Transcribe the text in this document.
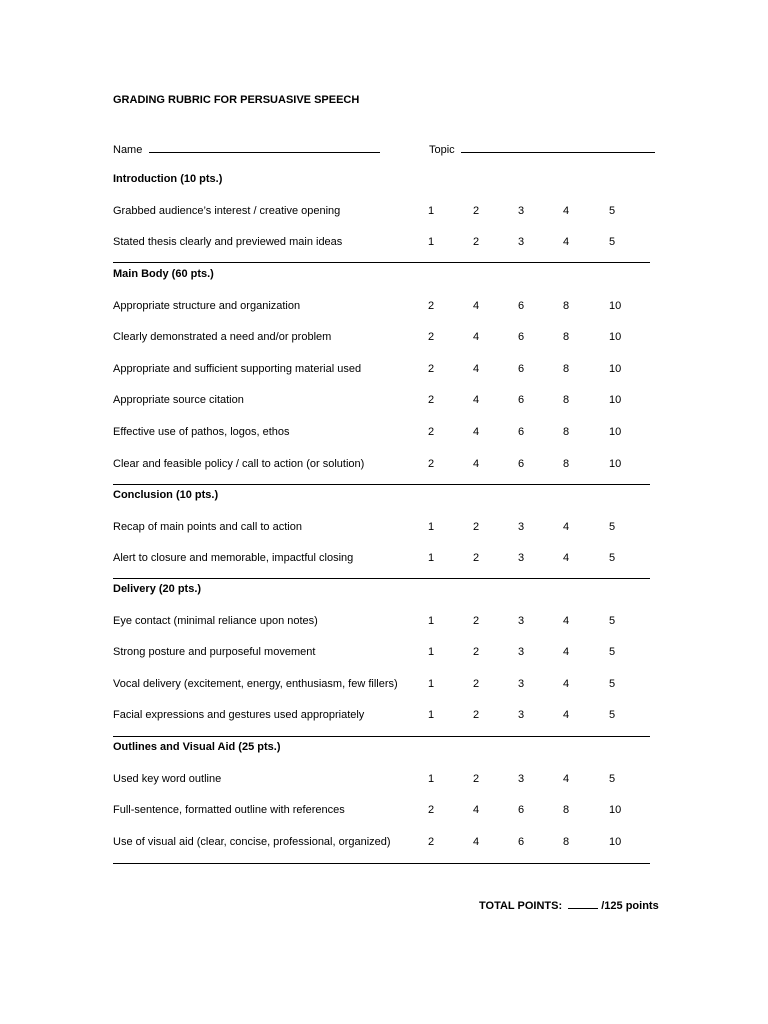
GRADING RUBRIC FOR PERSUASIVE SPEECH
Name	Topic
Introduction (10 pts.)
Grabbed audience’s interest / creative opening	1	2	3	4	5
Stated thesis clearly and previewed main ideas	1	2	3	4	5
Main Body (60 pts.)
Appropriate structure and organization	2	4	6	8	10
Clearly demonstrated a need and/or problem	2	4	6	8	10
Appropriate and sufficient supporting material used	2	4	6	8	10
Appropriate source citation	2	4	6	8	10
Effective use of pathos, logos, ethos	2	4	6	8	10
Clear and feasible policy / call to action (or solution)	2	4	6	8	10
Conclusion (10 pts.)
Recap of main points and call to action	1	2	3	4	5
Alert to closure and memorable, impactful closing	1	2	3	4	5
Delivery (20 pts.)
Eye contact (minimal reliance upon notes)	1	2	3	4	5
Strong posture and purposeful movement	1	2	3	4	5
Vocal delivery (excitement, energy, enthusiasm, few fillers)	1	2	3	4	5
Facial expressions and gestures used appropriately	1	2	3	4	5
Outlines and Visual Aid (25 pts.)
Used key word outline	1	2	3	4	5
Full-sentence, formatted outline with references	2	4	6	8	10
Use of visual aid (clear, concise, professional, organized)	2	4	6	8	10
TOTAL POINTS:	/125 points
